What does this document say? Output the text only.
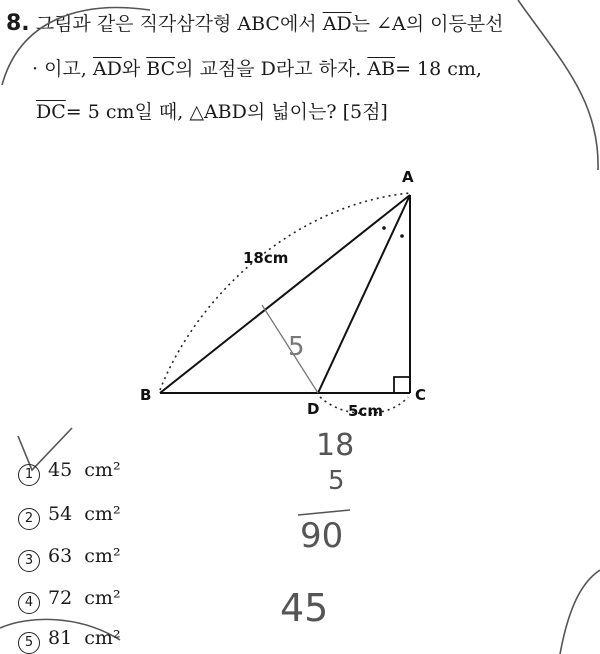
8. 그림과 같은 직각삼각형 ABC에서 $\overline{AD}$는 ∠A의 이등분선
· 이고, $\overline{AD}$와 $\overline{BC}$의 교점을 D라고 하자. $\overline{AB}= 18$ cm,
$\overline{DC}= 5$ cm일 때, △ABD의 넓이는? [5점]
A
B	C
D
18cm
5cm
5
1 45 cm²
2 54 cm²
3 63 cm²
4 72 cm²
5 81 cm²
18
5
90
45
